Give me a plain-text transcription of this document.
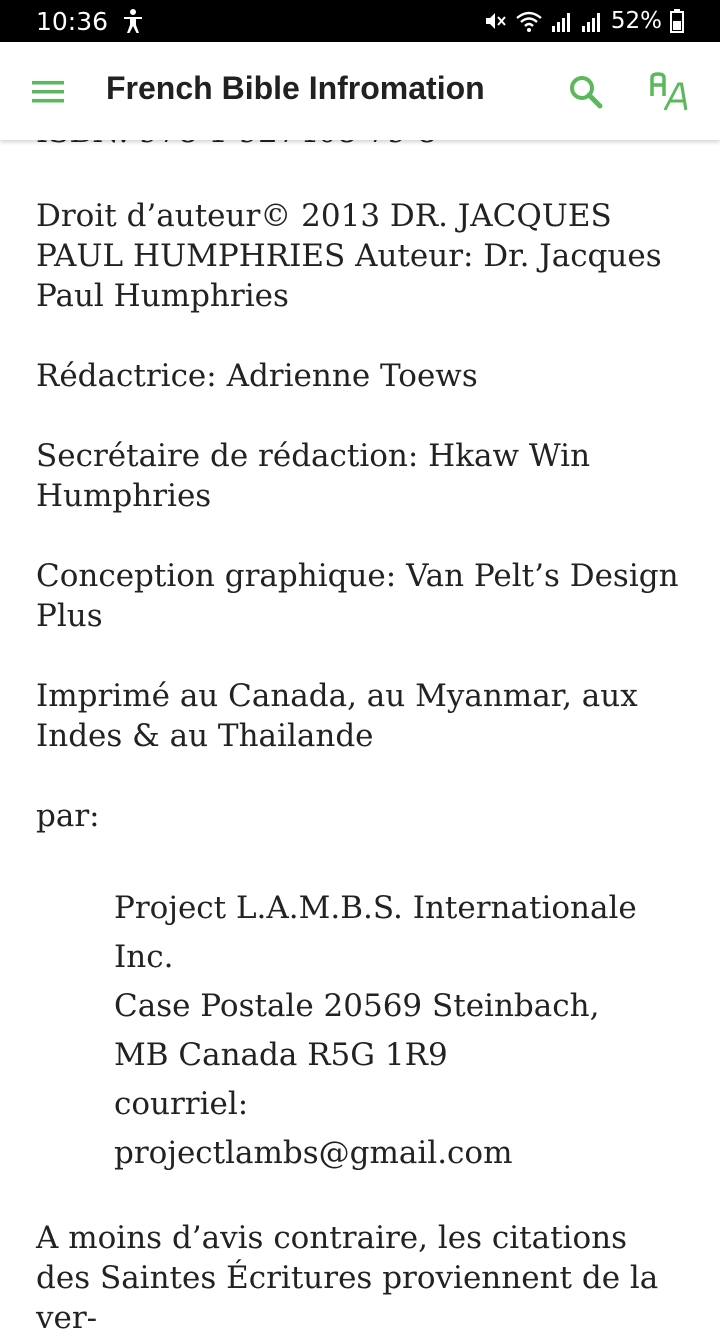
10:36	52%
French Bible Infromation
Droit d’auteur© 2013 DR. JACQUES PAUL HUMPHRIES Auteur: Dr. Jacques Paul Humphries
Rédactrice: Adrienne Toews
Secrétaire de rédaction: Hkaw Win Humphries
Conception graphique: Van Pelt’s Design Plus
Imprimé au Canada, au Myanmar, aux Indes & au Thailande
par:
Project L.A.M.B.S. Internationale
Inc.
Case Postale 20569 Steinbach,
MB Canada R5G 1R9
courriel:
projectlambs@gmail.com
A moins d’avis contraire, les citations des Saintes Écritures proviennent de la ver-
